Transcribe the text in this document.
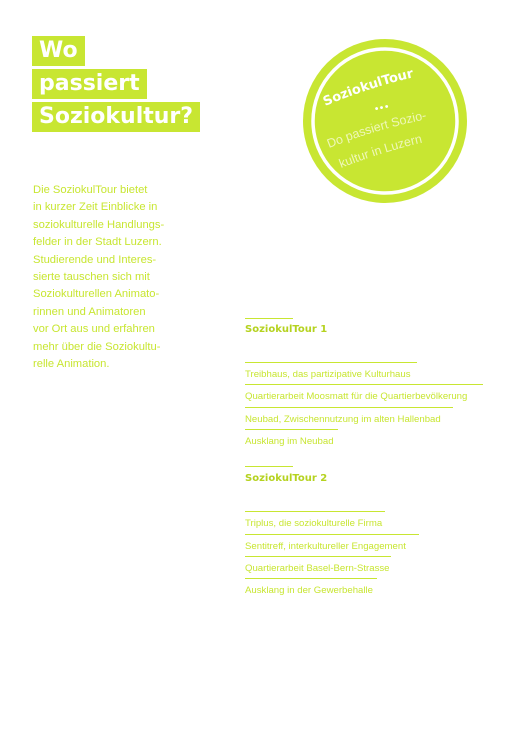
Wo
passiert
Soziokultur?
SoziokulTour
•••
Do passiert Sozio-
kultur in Luzern
Die SoziokulTour bietet
in kurzer Zeit Einblicke in
soziokulturelle Handlungs-
felder in der Stadt Luzern.
Studierende und Interes-
sierte tauschen sich mit
Soziokulturellen Animato-
rinnen und Animatoren
vor Ort aus und erfahren
mehr über die Soziokultu-
relle Animation.
SoziokulTour 1
Treibhaus, das partizipative Kulturhaus
Quartierarbeit Moosmatt für die Quartierbevölkerung
Neubad, Zwischennutzung im alten Hallenbad
Ausklang im Neubad
SoziokulTour 2
Triplus, die soziokulturelle Firma
Sentitreff, interkultureller Engagement
Quartierarbeit Basel-Bern-Strasse
Ausklang in der Gewerbehalle
